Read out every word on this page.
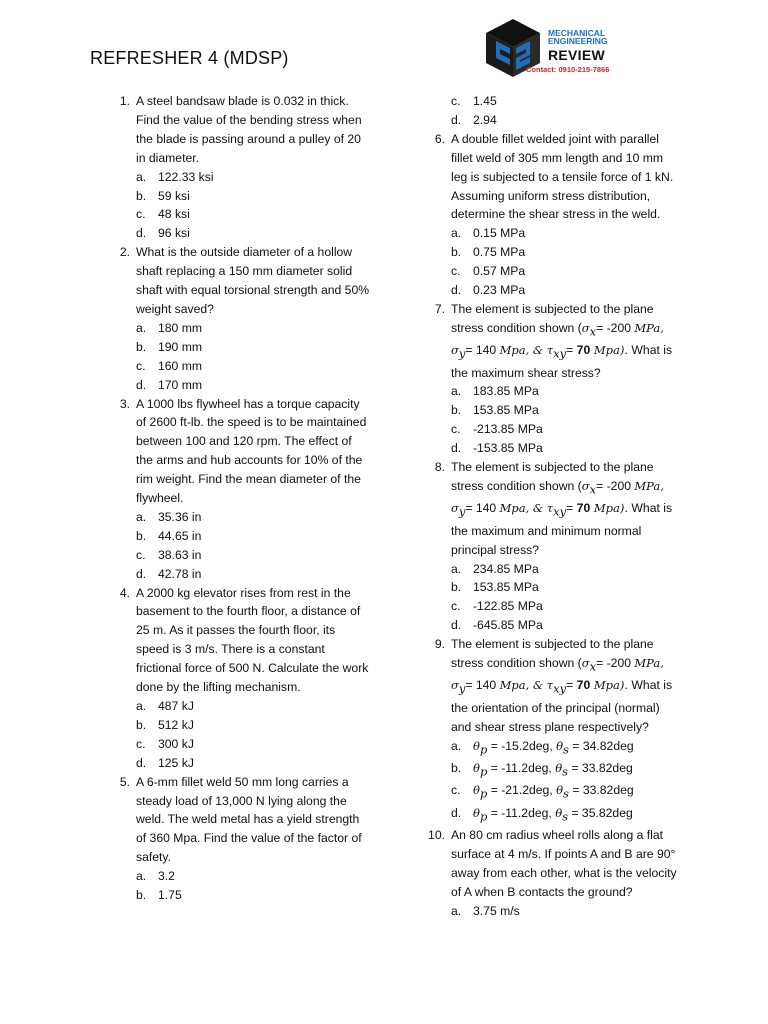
REFRESHER 4 (MDSP)
MECHANICAL
ENGINEERING
REVIEW
Contact: 0910-215-7866
1. A steel bandsaw blade is 0.032 in thick. Find the value of the bending stress when the blade is passing around a pulley of 20 in diameter.
a. 122.33 ksi
b. 59 ksi
c. 48 ksi
d. 96 ksi
2. What is the outside diameter of a hollow shaft replacing a 150 mm diameter solid shaft with equal torsional strength and 50% weight saved?
a. 180 mm
b. 190 mm
c. 160 mm
d. 170 mm
3. A 1000 lbs flywheel has a torque capacity of 2600 ft-lb. the speed is to be maintained between 100 and 120 rpm. The effect of the arms and hub accounts for 10% of the rim weight. Find the mean diameter of the flywheel.
a. 35.36 in
b. 44.65 in
c. 38.63 in
d. 42.78 in
4. A 2000 kg elevator rises from rest in the basement to the fourth floor, a distance of 25 m. As it passes the fourth floor, its speed is 3 m/s. There is a constant frictional force of 500 N. Calculate the work done by the lifting mechanism.
a. 487 kJ
b. 512 kJ
c. 300 kJ
d. 125 kJ
5. A 6-mm fillet weld 50 mm long carries a steady load of 13,000 N lying along the weld. The weld metal has a yield strength of 360 Mpa. Find the value of the factor of safety.
a. 3.2
b. 1.75
c. 1.45
d. 2.94
6. A double fillet welded joint with parallel fillet weld of 305 mm length and 10 mm leg is subjected to a tensile force of 1 kN. Assuming uniform stress distribution, determine the shear stress in the weld.
a. 0.15 MPa
b. 0.75 MPa
c. 0.57 MPa
d. 0.23 MPa
7. The element is subjected to the plane stress condition shown ($\sigma_x= -200$ MPa, $\sigma_y= 140$ Mpa, & $\tau_{xy}= 70$ Mpa). What is the maximum shear stress?
a. 183.85 MPa
b. 153.85 MPa
c. -213.85 MPa
d. -153.85 MPa
8. The element is subjected to the plane stress condition shown ($\sigma_x= -200$ MPa, $\sigma_y= 140$ Mpa, & $\tau_{xy}= 70$ Mpa). What is the maximum and minimum normal principal stress?
a. 234.85 MPa
b. 153.85 MPa
c. -122.85 MPa
d. -645.85 MPa
9. The element is subjected to the plane stress condition shown ($\sigma_x= -200$ MPa, $\sigma_y= 140$ Mpa, & $\tau_{xy}= 70$ Mpa). What is the orientation of the principal (normal) and shear stress plane respectively?
a. $\theta_p = -15.2deg$, $\theta_s = 34.82deg$
b. $\theta_p = -11.2deg$, $\theta_s = 33.82deg$
c. $\theta_p = -21.2deg$, $\theta_s = 33.82deg$
d. $\theta_p = -11.2deg$, $\theta_s = 35.82deg$
10. An 80 cm radius wheel rolls along a flat surface at 4 m/s. If points A and B are 90° away from each other, what is the velocity of A when B contacts the ground?
a. 3.75 m/s
